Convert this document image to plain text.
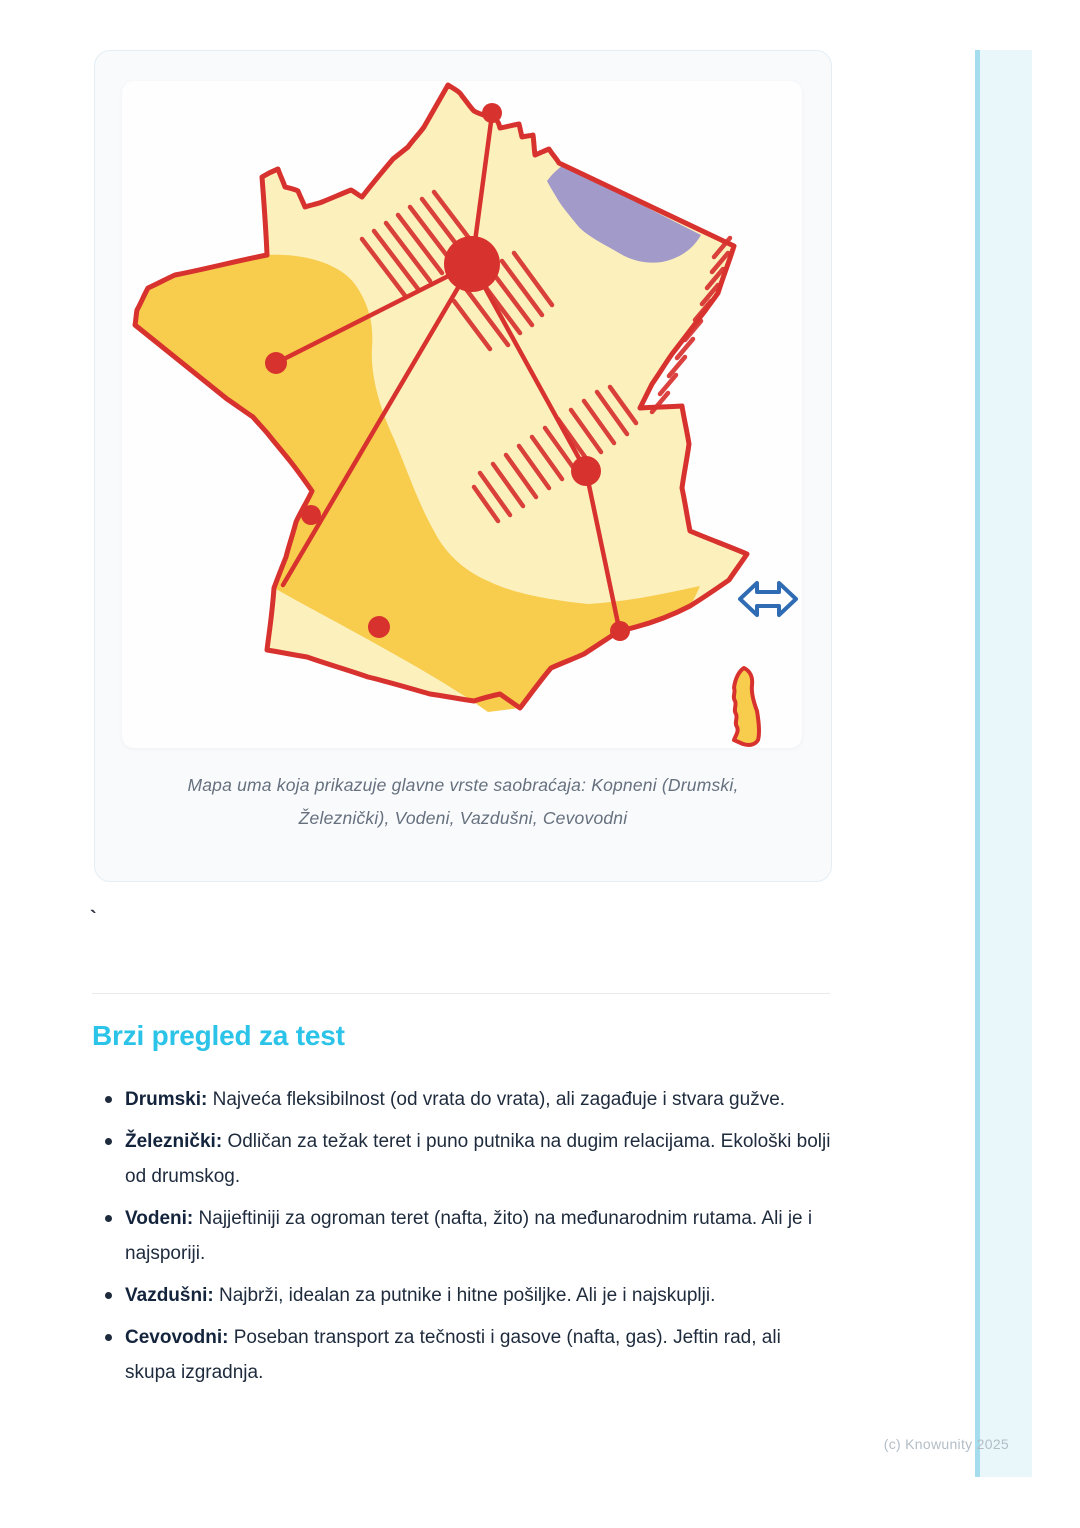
Mapa uma koja prikazuje glavne vrste saobraćaja: Kopneni (Drumski, Železnički), Vodeni, Vazdušni, Cevovodni

`
Brzi pregled za test
Drumski: Najveća fleksibilnost (od vrata do vrata), ali zagađuje i stvara gužve.
Železnički: Odličan za težak teret i puno putnika na dugim relacijama. Ekološki bolji od drumskog.
Vodeni: Najjeftiniji za ogroman teret (nafta, žito) na međunarodnim rutama. Ali je i najsporiji.
Vazdušni: Najbrži, idealan za putnike i hitne pošiljke. Ali je i najskuplji.
Cevovodni: Poseban transport za tečnosti i gasove (nafta, gas). Jeftin rad, ali skupa izgradnja.
(c) Knowunity 2025
